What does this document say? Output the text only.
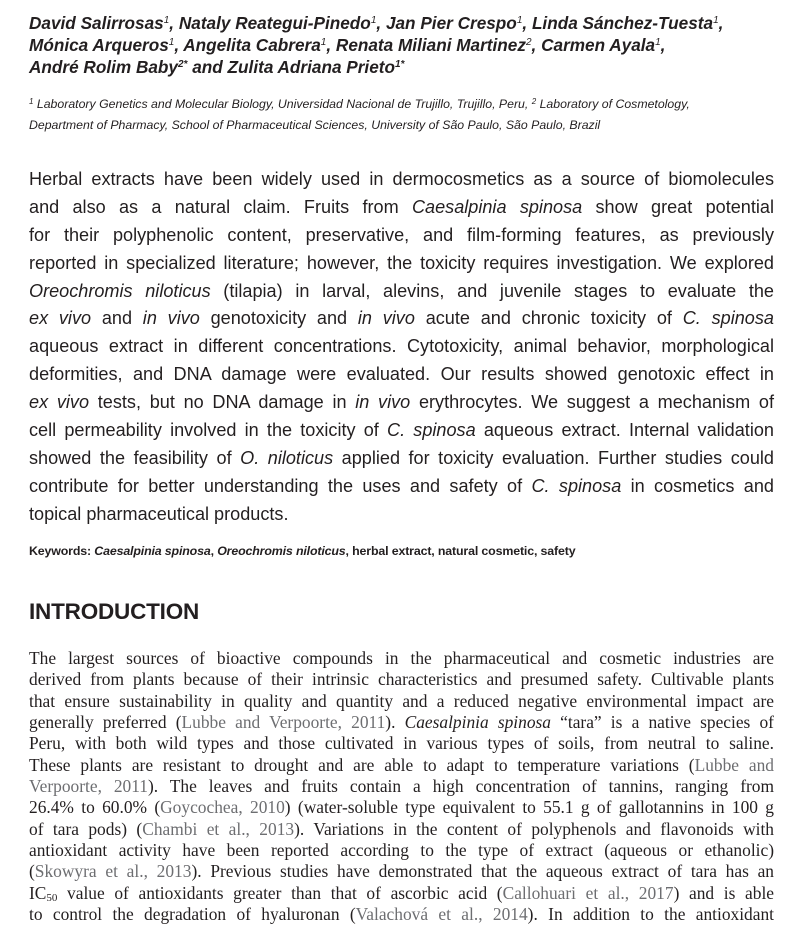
David Salirrosas$^1$, Nataly Reategui-Pinedo$^1$, Jan Pier Crespo$^1$, Linda Sánchez-Tuesta$^1$,
Mónica Arqueros$^1$, Angelita Cabrera$^1$, Renata Miliani Martinez$^2$, Carmen Ayala$^1$,
André Rolim Baby$^{2*}$ and Zulita Adriana Prieto$^{1*}$
$^1$ Laboratory Genetics and Molecular Biology, Universidad Nacional de Trujillo, Trujillo, Peru, $^2$ Laboratory of Cosmetology,
Department of Pharmacy, School of Pharmaceutical Sciences, University of São Paulo, São Paulo, Brazil
Herbal extracts have been widely used in dermocosmetics as a source of biomolecules
and also as a natural claim. Fruits from Caesalpinia spinosa show great potential
for their polyphenolic content, preservative, and film-forming features, as previously
reported in specialized literature; however, the toxicity requires investigation. We explored
Oreochromis niloticus (tilapia) in larval, alevins, and juvenile stages to evaluate the
ex vivo and in vivo genotoxicity and in vivo acute and chronic toxicity of C. spinosa
aqueous extract in different concentrations. Cytotoxicity, animal behavior, morphological
deformities, and DNA damage were evaluated. Our results showed genotoxic effect in
ex vivo tests, but no DNA damage in in vivo erythrocytes. We suggest a mechanism of
cell permeability involved in the toxicity of C. spinosa aqueous extract. Internal validation
showed the feasibility of O. niloticus applied for toxicity evaluation. Further studies could
contribute for better understanding the uses and safety of C. spinosa in cosmetics and
topical pharmaceutical products.
Keywords: Caesalpinia spinosa, Oreochromis niloticus, herbal extract, natural cosmetic, safety
INTRODUCTION
The largest sources of bioactive compounds in the pharmaceutical and cosmetic industries are
derived from plants because of their intrinsic characteristics and presumed safety. Cultivable plants
that ensure sustainability in quality and quantity and a reduced negative environmental impact are
generally preferred (Lubbe and Verpoorte, 2011). Caesalpinia spinosa “tara” is a native species of
Peru, with both wild types and those cultivated in various types of soils, from neutral to saline.
These plants are resistant to drought and are able to adapt to temperature variations (Lubbe and
Verpoorte, 2011). The leaves and fruits contain a high concentration of tannins, ranging from
26.4% to 60.0% (Goycochea, 2010) (water-soluble type equivalent to 55.1 g of gallotannins in 100 g
of tara pods) (Chambi et al., 2013). Variations in the content of polyphenols and flavonoids with
antioxidant activity have been reported according to the type of extract (aqueous or ethanolic)
(Skowyra et al., 2013). Previous studies have demonstrated that the aqueous extract of tara has an
$IC_{50}$ value of antioxidants greater than that of ascorbic acid (Callohuari et al., 2017) and is able
to control the degradation of hyaluronan (Valachová et al., 2014). In addition to the antioxidant
